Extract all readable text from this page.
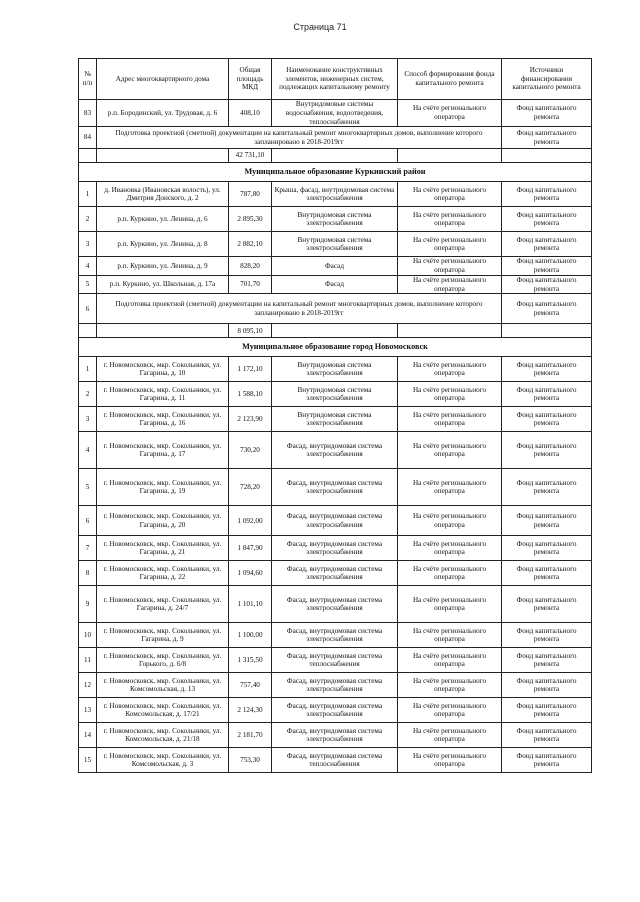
Страница 71
№ п/п	Адрес многоквартирного дома	Общая площадь МКД	Наименование конструктивных элементов, инженерных систем, подлежащих капитальному ремонту	Способ формирования фонда капитального ремонта	Источники финансирования капитального ремонта
83	р.п. Бородинский, ул. Трудовая, д. 6	408,10	Внутридомовые системы водоснабжения, водоотведения, теплоснабжения	На счёте регионального оператора	Фонд капитального ремонта
84	Подготовка проектной (сметной) документации на капитальный ремонт многоквартирных домов, выполнение которого запланировано в 2018-2019гг				Фонд капитального ремонта
		42 731,10			
Муниципальное образование Куркинский район					
1	д. Ивановка (Ивановская волость), ул. Дмитрия Донского, д. 2	787,80	Крыша, фасад, внутридомовая система электроснабжения	На счёте регионального оператора	Фонд капитального ремонта
2	р.п. Куркино, ул. Ленина, д. 6	2 895,30	Внутридомовая система электроснабжения	На счёте регионального оператора	Фонд капитального ремонта
3	р.п. Куркино, ул. Ленина, д. 8	2 882,10	Внутридомовая система электроснабжения	На счёте регионального оператора	Фонд капитального ремонта
4	р.п. Куркино, ул. Ленина, д. 9	828,20	Фасад	На счёте регионального оператора	Фонд капитального ремонта
5	р.п. Куркино, ул. Школьная, д. 17а	701,70	Фасад	На счёте регионального оператора	Фонд капитального ремонта
6	Подготовка проектной (сметной) документации на капитальный ремонт многоквартирных домов, выполнение которого запланировано в 2018-2019гг				Фонд капитального ремонта
		8 095,10			
Муниципальное образование город Новомосковск					
1	г. Новомосковск, мкр. Сокольники, ул. Гагарина, д. 10	1 172,10	Внутридомовая система электроснабжения	На счёте регионального оператора	Фонд капитального ремонта
2	г. Новомосковск, мкр. Сокольники, ул. Гагарина, д. 11	1 588,10	Внутридомовая система электроснабжения	На счёте регионального оператора	Фонд капитального ремонта
3	г. Новомосковск, мкр. Сокольники, ул. Гагарина, д. 16	2 123,90	Внутридомовая система электроснабжения	На счёте регионального оператора	Фонд капитального ремонта
4	г. Новомосковск, мкр. Сокольники, ул. Гагарина, д. 17	730,20	Фасад, внутридомовая система электроснабжения	На счёте регионального оператора	Фонд капитального ремонта
5	г. Новомосковск, мкр. Сокольники, ул. Гагарина, д. 19	728,20	Фасад, внутридомовая система электроснабжения	На счёте регионального оператора	Фонд капитального ремонта
6	г. Новомосковск, мкр. Сокольники, ул. Гагарина, д. 20	1 092,00	Фасад, внутридомовая система электроснабжения	На счёте регионального оператора	Фонд капитального ремонта
7	г. Новомосковск, мкр. Сокольники, ул. Гагарина, д. 21	1 847,90	Фасад, внутридомовая система электроснабжения	На счёте регионального оператора	Фонд капитального ремонта
8	г. Новомосковск, мкр. Сокольники, ул. Гагарина, д. 22	1 094,60	Фасад, внутридомовая система электроснабжения	На счёте регионального оператора	Фонд капитального ремонта
9	г. Новомосковск, мкр. Сокольники, ул. Гагарина, д. 24/7	1 101,10	Фасад, внутридомовая система электроснабжения	На счёте регионального оператора	Фонд капитального ремонта
10	г. Новомосковск, мкр. Сокольники, ул. Гагарина, д. 9	1 100,00	Фасад, внутридомовая система электроснабжения	На счёте регионального оператора	Фонд капитального ремонта
11	г. Новомосковск, мкр. Сокольники, ул. Горького, д. 6/8	1 315,50	Фасад, внутридомовая система теплоснабжения	На счёте регионального оператора	Фонд капитального ремонта
12	г. Новомосковск, мкр. Сокольники, ул. Комсомольская, д. 13	757,40	Фасад, внутридомовая система электроснабжения	На счёте регионального оператора	Фонд капитального ремонта
13	г. Новомосковск, мкр. Сокольники, ул. Комсомольская, д. 17/21	2 124,30	Фасад, внутридомовая система электроснабжения	На счёте регионального оператора	Фонд капитального ремонта
14	г. Новомосковск, мкр. Сокольники, ул. Комсомольская, д. 21/18	2 181,70	Фасад, внутридомовая система электроснабжения	На счёте регионального оператора	Фонд капитального ремонта
15	г. Новомосковск, мкр. Сокольники, ул. Комсомольская, д. 3	753,30	Фасад, внутридомовая система теплоснабжения	На счёте регионального оператора	Фонд капитального ремонта
